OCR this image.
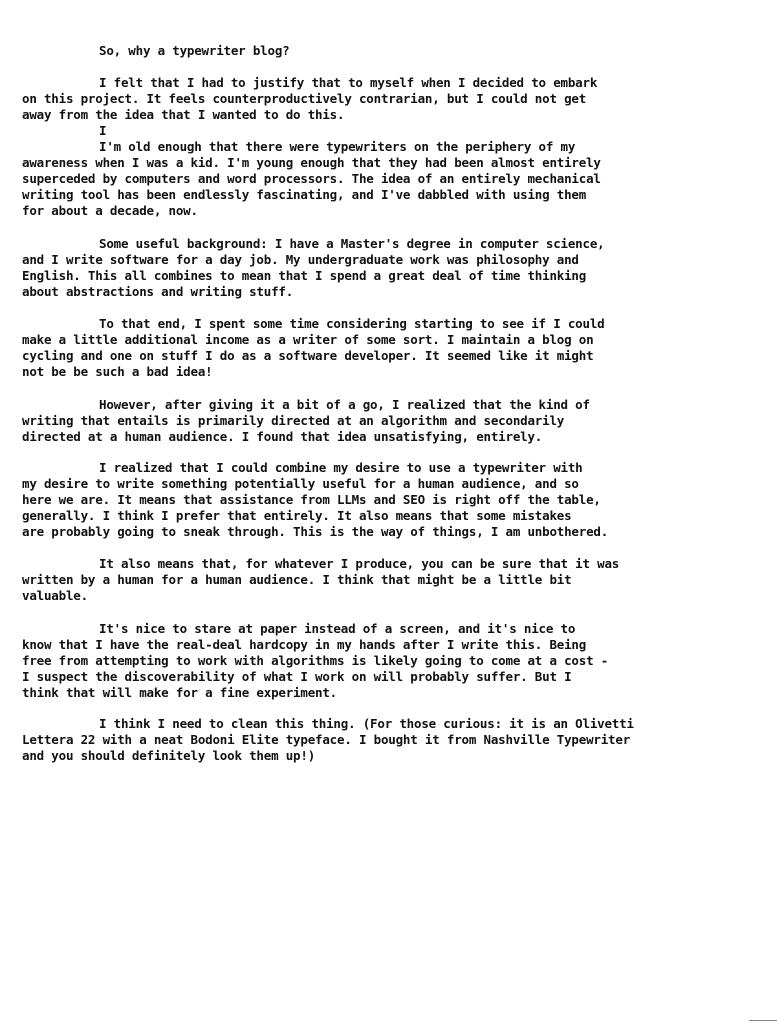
So, why a typewriter blog?
I felt that I had to justify that to myself when I decided to embark
on this project. It feels counterproductively contrarian, but I could not get
away from the idea that I wanted to do this.
I
I'm old enough that there were typewriters on the periphery of my
awareness when I was a kid. I'm young enough that they had been almost entirely
superceded by computers and word processors. The idea of an entirely mechanical
writing tool has been endlessly fascinating, and I've dabbled with using them
for about a decade, now.
Some useful background: I have a Master's degree in computer science,
and I write software for a day job. My undergraduate work was philosophy and
English. This all combines to mean that I spend a great deal of time thinking
about abstractions and writing stuff.
To that end, I spent some time considering starting to see if I could
make a little additional income as a writer of some sort. I maintain a blog on
cycling and one on stuff I do as a software developer. It seemed like it might
not be be such a bad idea!
However, after giving it a bit of a go, I realized that the kind of
writing that entails is primarily directed at an algorithm and secondarily
directed at a human audience. I found that idea unsatisfying, entirely.
I realized that I could combine my desire to use a typewriter with
my desire to write something potentially useful for a human audience, and so
here we are. It means that assistance from LLMs and SEO is right off the table,
generally. I think I prefer that entirely. It also means that some mistakes
are probably going to sneak through. This is the way of things, I am unbothered.
It also means that, for whatever I produce, you can be sure that it was
written by a human for a human audience. I think that might be a little bit
valuable.
It's nice to stare at paper instead of a screen, and it's nice to
know that I have the real-deal hardcopy in my hands after I write this. Being
free from attempting to work with algorithms is likely going to come at a cost -
I suspect the discoverability of what I work on will probably suffer. But I
think that will make for a fine experiment.
I think I need to clean this thing. (For those curious: it is an Olivetti
Lettera 22 with a neat Bodoni Elite typeface. I bought it from Nashville Typewriter
and you should definitely look them up!)
